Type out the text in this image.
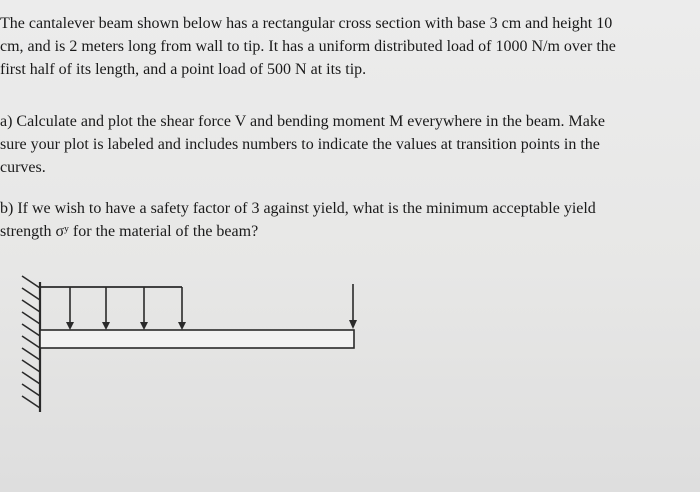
The cantalever beam shown below has a rectangular cross section with base 3 cm and height 10
cm, and is 2 meters long from wall to tip. It has a uniform distributed load of 1000 N/m over the
first half of its length, and a point load of 500 N at its tip.
a) Calculate and plot the shear force V and bending moment M everywhere in the beam. Make
sure your plot is labeled and includes numbers to indicate the values at transition points in the
curves.
b) If we wish to have a safety factor of 3 against yield, what is the minimum acceptable yield
strength σʸ for the material of the beam?
